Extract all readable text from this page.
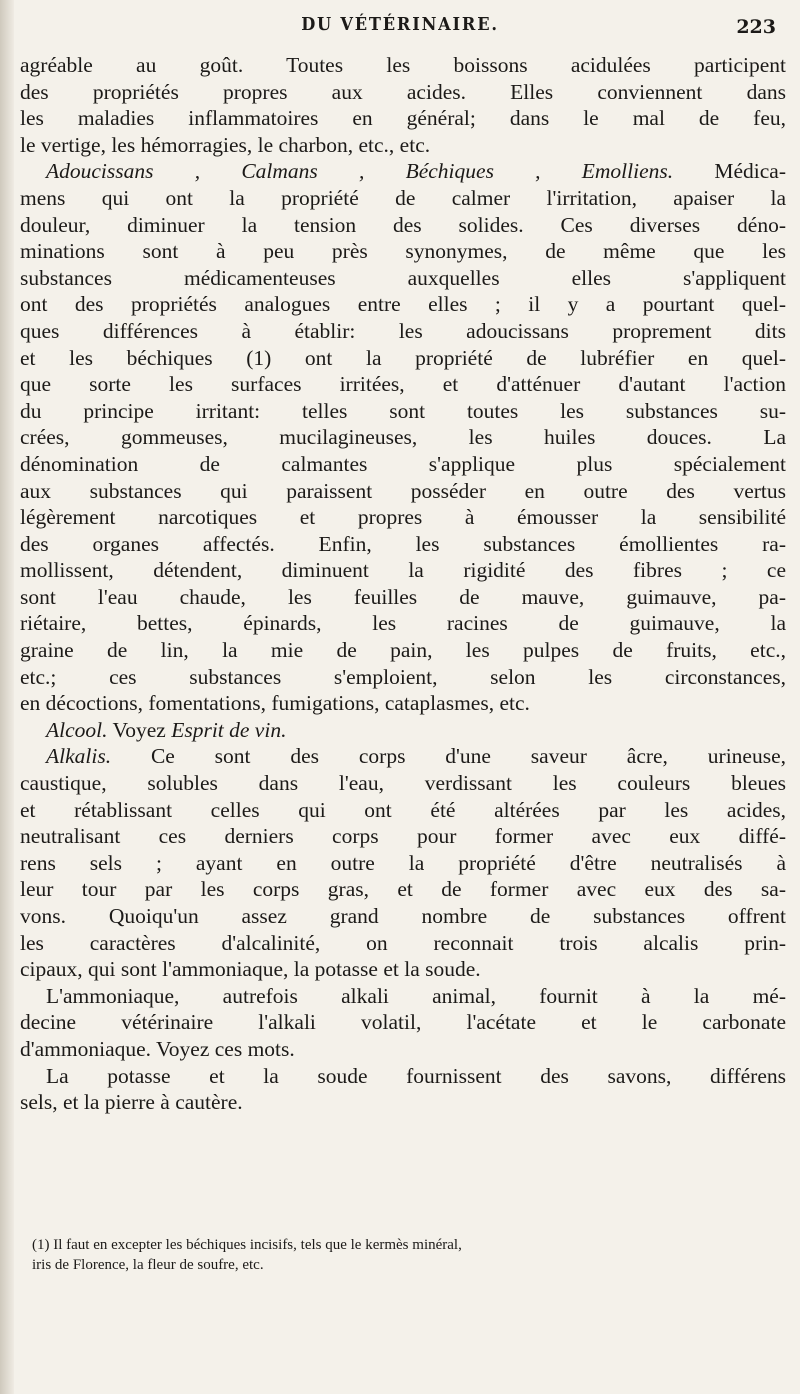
DU VÉTÉRINAIRE.	223
agréable au goût. Toutes les boissons acidulées participent
des propriétés propres aux acides. Elles conviennent dans
les maladies inflammatoires en général; dans le mal de feu,
le vertige, les hémorragies, le charbon, etc., etc.
Adoucissans , Calmans , Béchiques , Emolliens. Médica-
mens qui ont la propriété de calmer l'irritation, apaiser la
douleur, diminuer la tension des solides. Ces diverses déno-
minations sont à peu près synonymes, de même que les
substances médicamenteuses auxquelles elles s'appliquent
ont des propriétés analogues entre elles ; il y a pourtant quel-
ques différences à établir: les adoucissans proprement dits
et les béchiques (1) ont la propriété de lubréfier en quel-
que sorte les surfaces irritées, et d'atténuer d'autant l'action
du principe irritant: telles sont toutes les substances su-
crées, gommeuses, mucilagineuses, les huiles douces. La
dénomination de calmantes s'applique plus spécialement
aux substances qui paraissent posséder en outre des vertus
légèrement narcotiques et propres à émousser la sensibilité
des organes affectés. Enfin, les substances émollientes ra-
mollissent, détendent, diminuent la rigidité des fibres ; ce
sont l'eau chaude, les feuilles de mauve, guimauve, pa-
riétaire, bettes, épinards, les racines de guimauve, la
graine de lin, la mie de pain, les pulpes de fruits, etc.,
etc.; ces substances s'emploient, selon les circonstances,
en décoctions, fomentations, fumigations, cataplasmes, etc.
Alcool. Voyez Esprit de vin.
Alkalis. Ce sont des corps d'une saveur âcre, urineuse,
caustique, solubles dans l'eau, verdissant les couleurs bleues
et rétablissant celles qui ont été altérées par les acides,
neutralisant ces derniers corps pour former avec eux diffé-
rens sels ; ayant en outre la propriété d'être neutralisés à
leur tour par les corps gras, et de former avec eux des sa-
vons. Quoiqu'un assez grand nombre de substances offrent
les caractères d'alcalinité, on reconnait trois alcalis prin-
cipaux, qui sont l'ammoniaque, la potasse et la soude.
L'ammoniaque, autrefois alkali animal, fournit à la mé-
decine vétérinaire l'alkali volatil, l'acétate et le carbonate
d'ammoniaque. Voyez ces mots.
La potasse et la soude fournissent des savons, différens
sels, et la pierre à cautère.
(1) Il faut en excepter les béchiques incisifs, tels que le kermès minéral,
iris de Florence, la fleur de soufre, etc.
